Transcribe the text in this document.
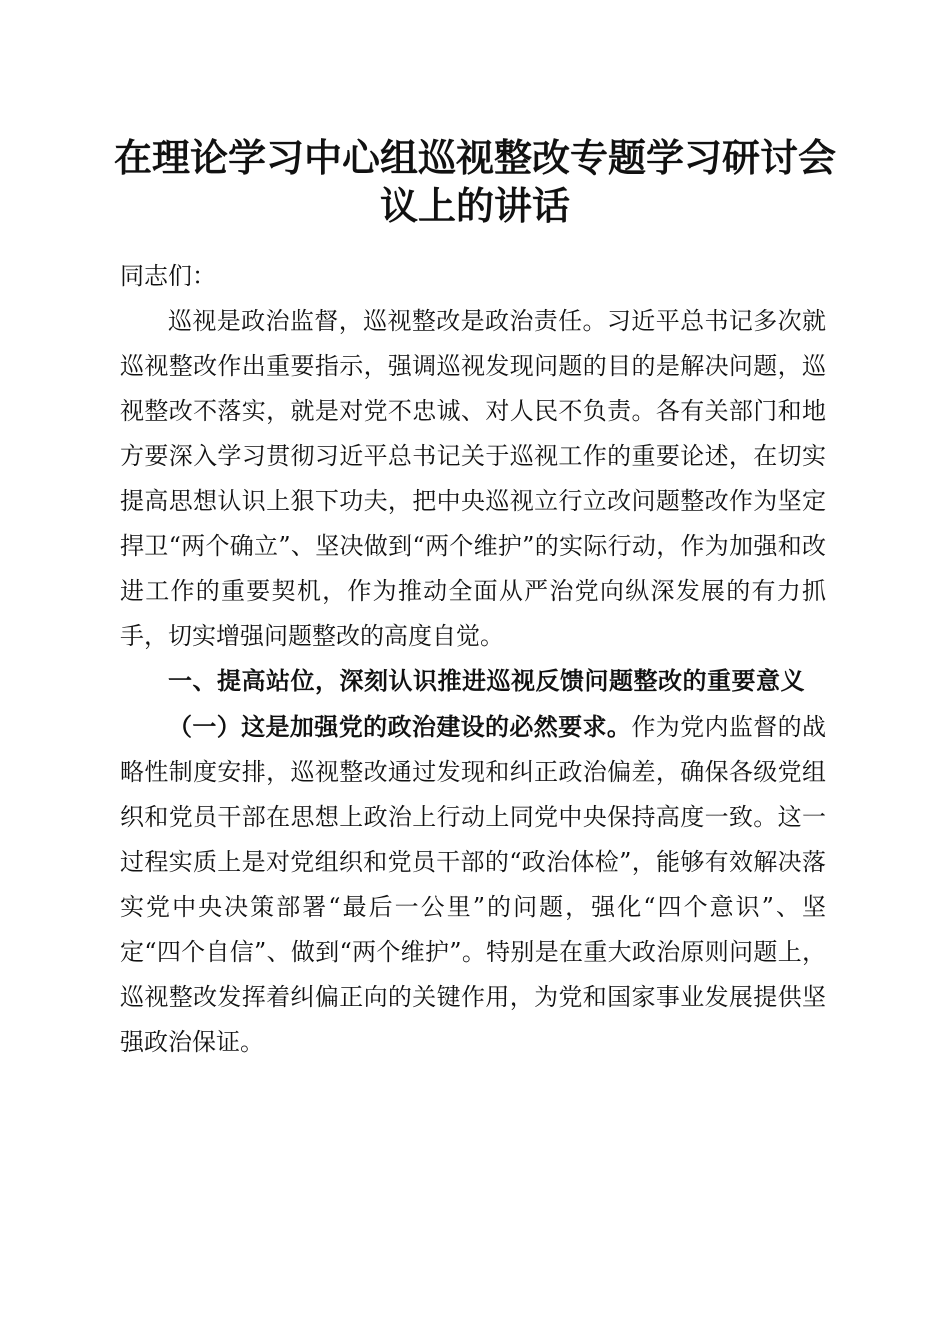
在理论学习中心组巡视整改专题学习研讨会议上的讲话

同志们：

巡视是政治监督，巡视整改是政治责任。习近平总书记多次就巡视整改作出重要指示，强调巡视发现问题的目的是解决问题，巡视整改不落实，就是对党不忠诚、对人民不负责。各有关部门和地方要深入学习贯彻习近平总书记关于巡视工作的重要论述，在切实提高思想认识上狠下功夫，把中央巡视立行立改问题整改作为坚定捍卫“两个确立”、坚决做到“两个维护”的实际行动，作为加强和改进工作的重要契机，作为推动全面从严治党向纵深发展的有力抓手，切实增强问题整改的高度自觉。

一、提高站位，深刻认识推进巡视反馈问题整改的重要意义

（一）这是加强党的政治建设的必然要求。作为党内监督的战略性制度安排，巡视整改通过发现和纠正政治偏差，确保各级党组织和党员干部在思想上政治上行动上同党中央保持高度一致。这一过程实质上是对党组织和党员干部的“政治体检”，能够有效解决落实党中央决策部署“最后一公里”的问题，强化“四个意识”、坚定“四个自信”、做到“两个维护”。特别是在重大政治原则问题上，巡视整改发挥着纠偏正向的关键作用，为党和国家事业发展提供坚强政治保证。
